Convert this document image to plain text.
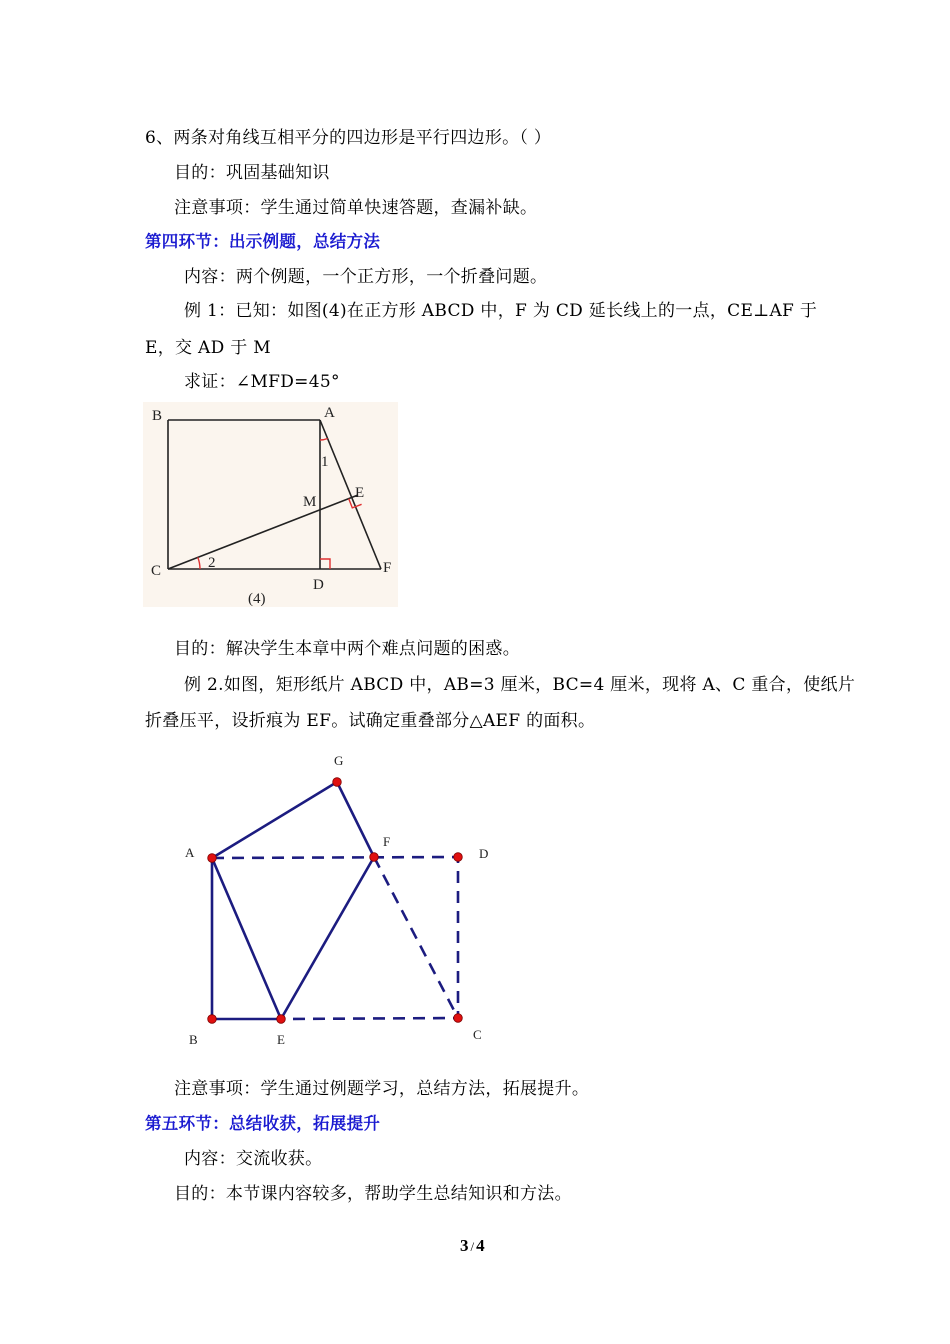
6、两条对角线互相平分的四边形是平行四边形。（ ）
目的：巩固基础知识
注意事项：学生通过简单快速答题，查漏补缺。
第四环节：出示例题，总结方法
内容：两个例题，一个正方形，一个折叠问题。
例 1：已知：如图(4)在正方形 ABCD 中，F 为 CD 延长线上的一点，CE⊥AF 于
E，交 AD 于 M
求证：∠MFD=45°
B	A
C
D
F
E
M
1
2
(4)
目的：解决学生本章中两个难点问题的困惑。
例 2.如图，矩形纸片 ABCD 中，AB=3 厘米，BC=4 厘米，现将 A、C 重合，使纸片
折叠压平，设折痕为 EF。试确定重叠部分△AEF 的面积。
A
G
F
D
C
E
B
注意事项：学生通过例题学习，总结方法，拓展提升。
第五环节：总结收获，拓展提升
内容：交流收获。
目的：本节课内容较多，帮助学生总结知识和方法。
3 / 4
